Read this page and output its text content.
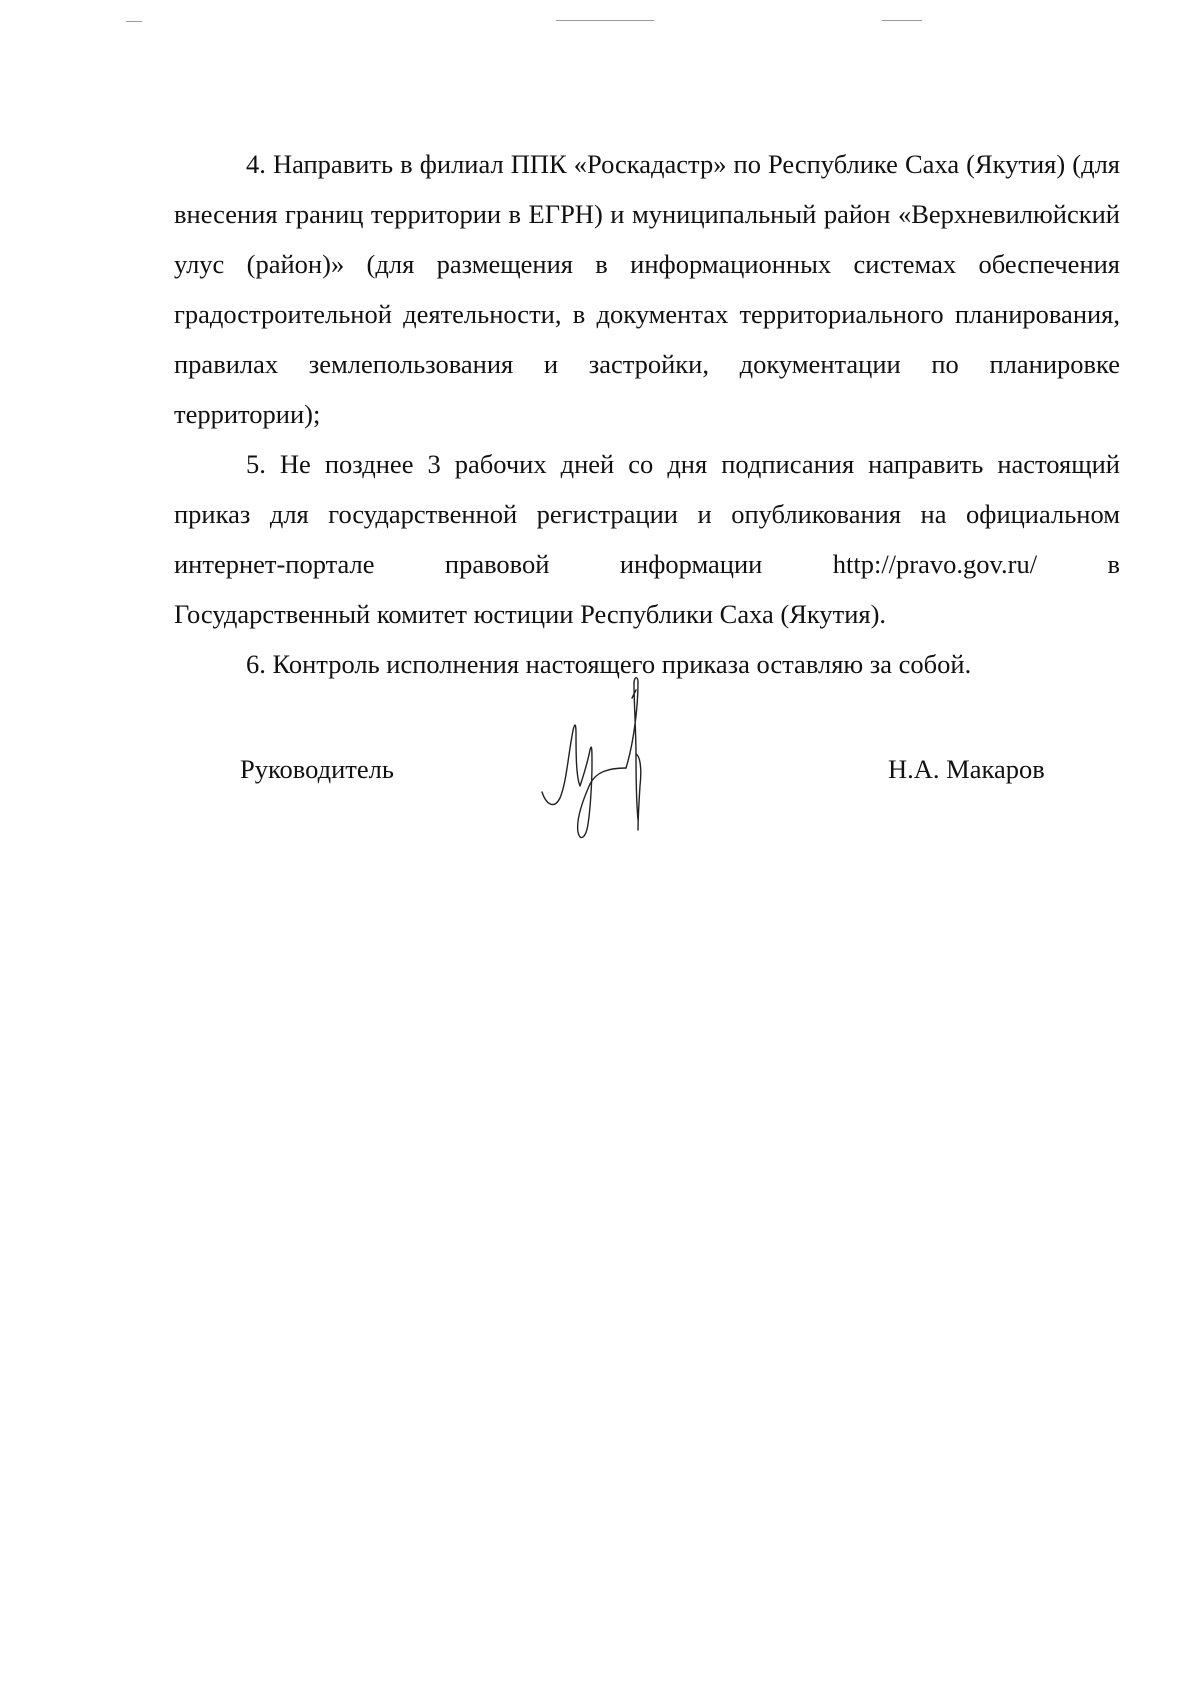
4. Направить в филиал ППК «Роскадастр» по Республике Саха (Якутия) (для внесения границ территории в ЕГРН) и муниципальный район «Верхневилюйский улус (район)» (для размещения в информационных системах обеспечения градостроительной деятельности, в документах территориального планирования, правилах землепользования и застройки, документации по планировке территории);

5. Не позднее 3 рабочих дней со дня подписания направить настоящий приказ для государственной регистрации и опубликования на официальном интернет-портале правовой информации http://pravo.gov.ru/ в

Государственный комитет юстиции Республики Саха (Якутия).

6. Контроль исполнения настоящего приказа оставляю за собой.

Руководитель	Н.А. Макаров
